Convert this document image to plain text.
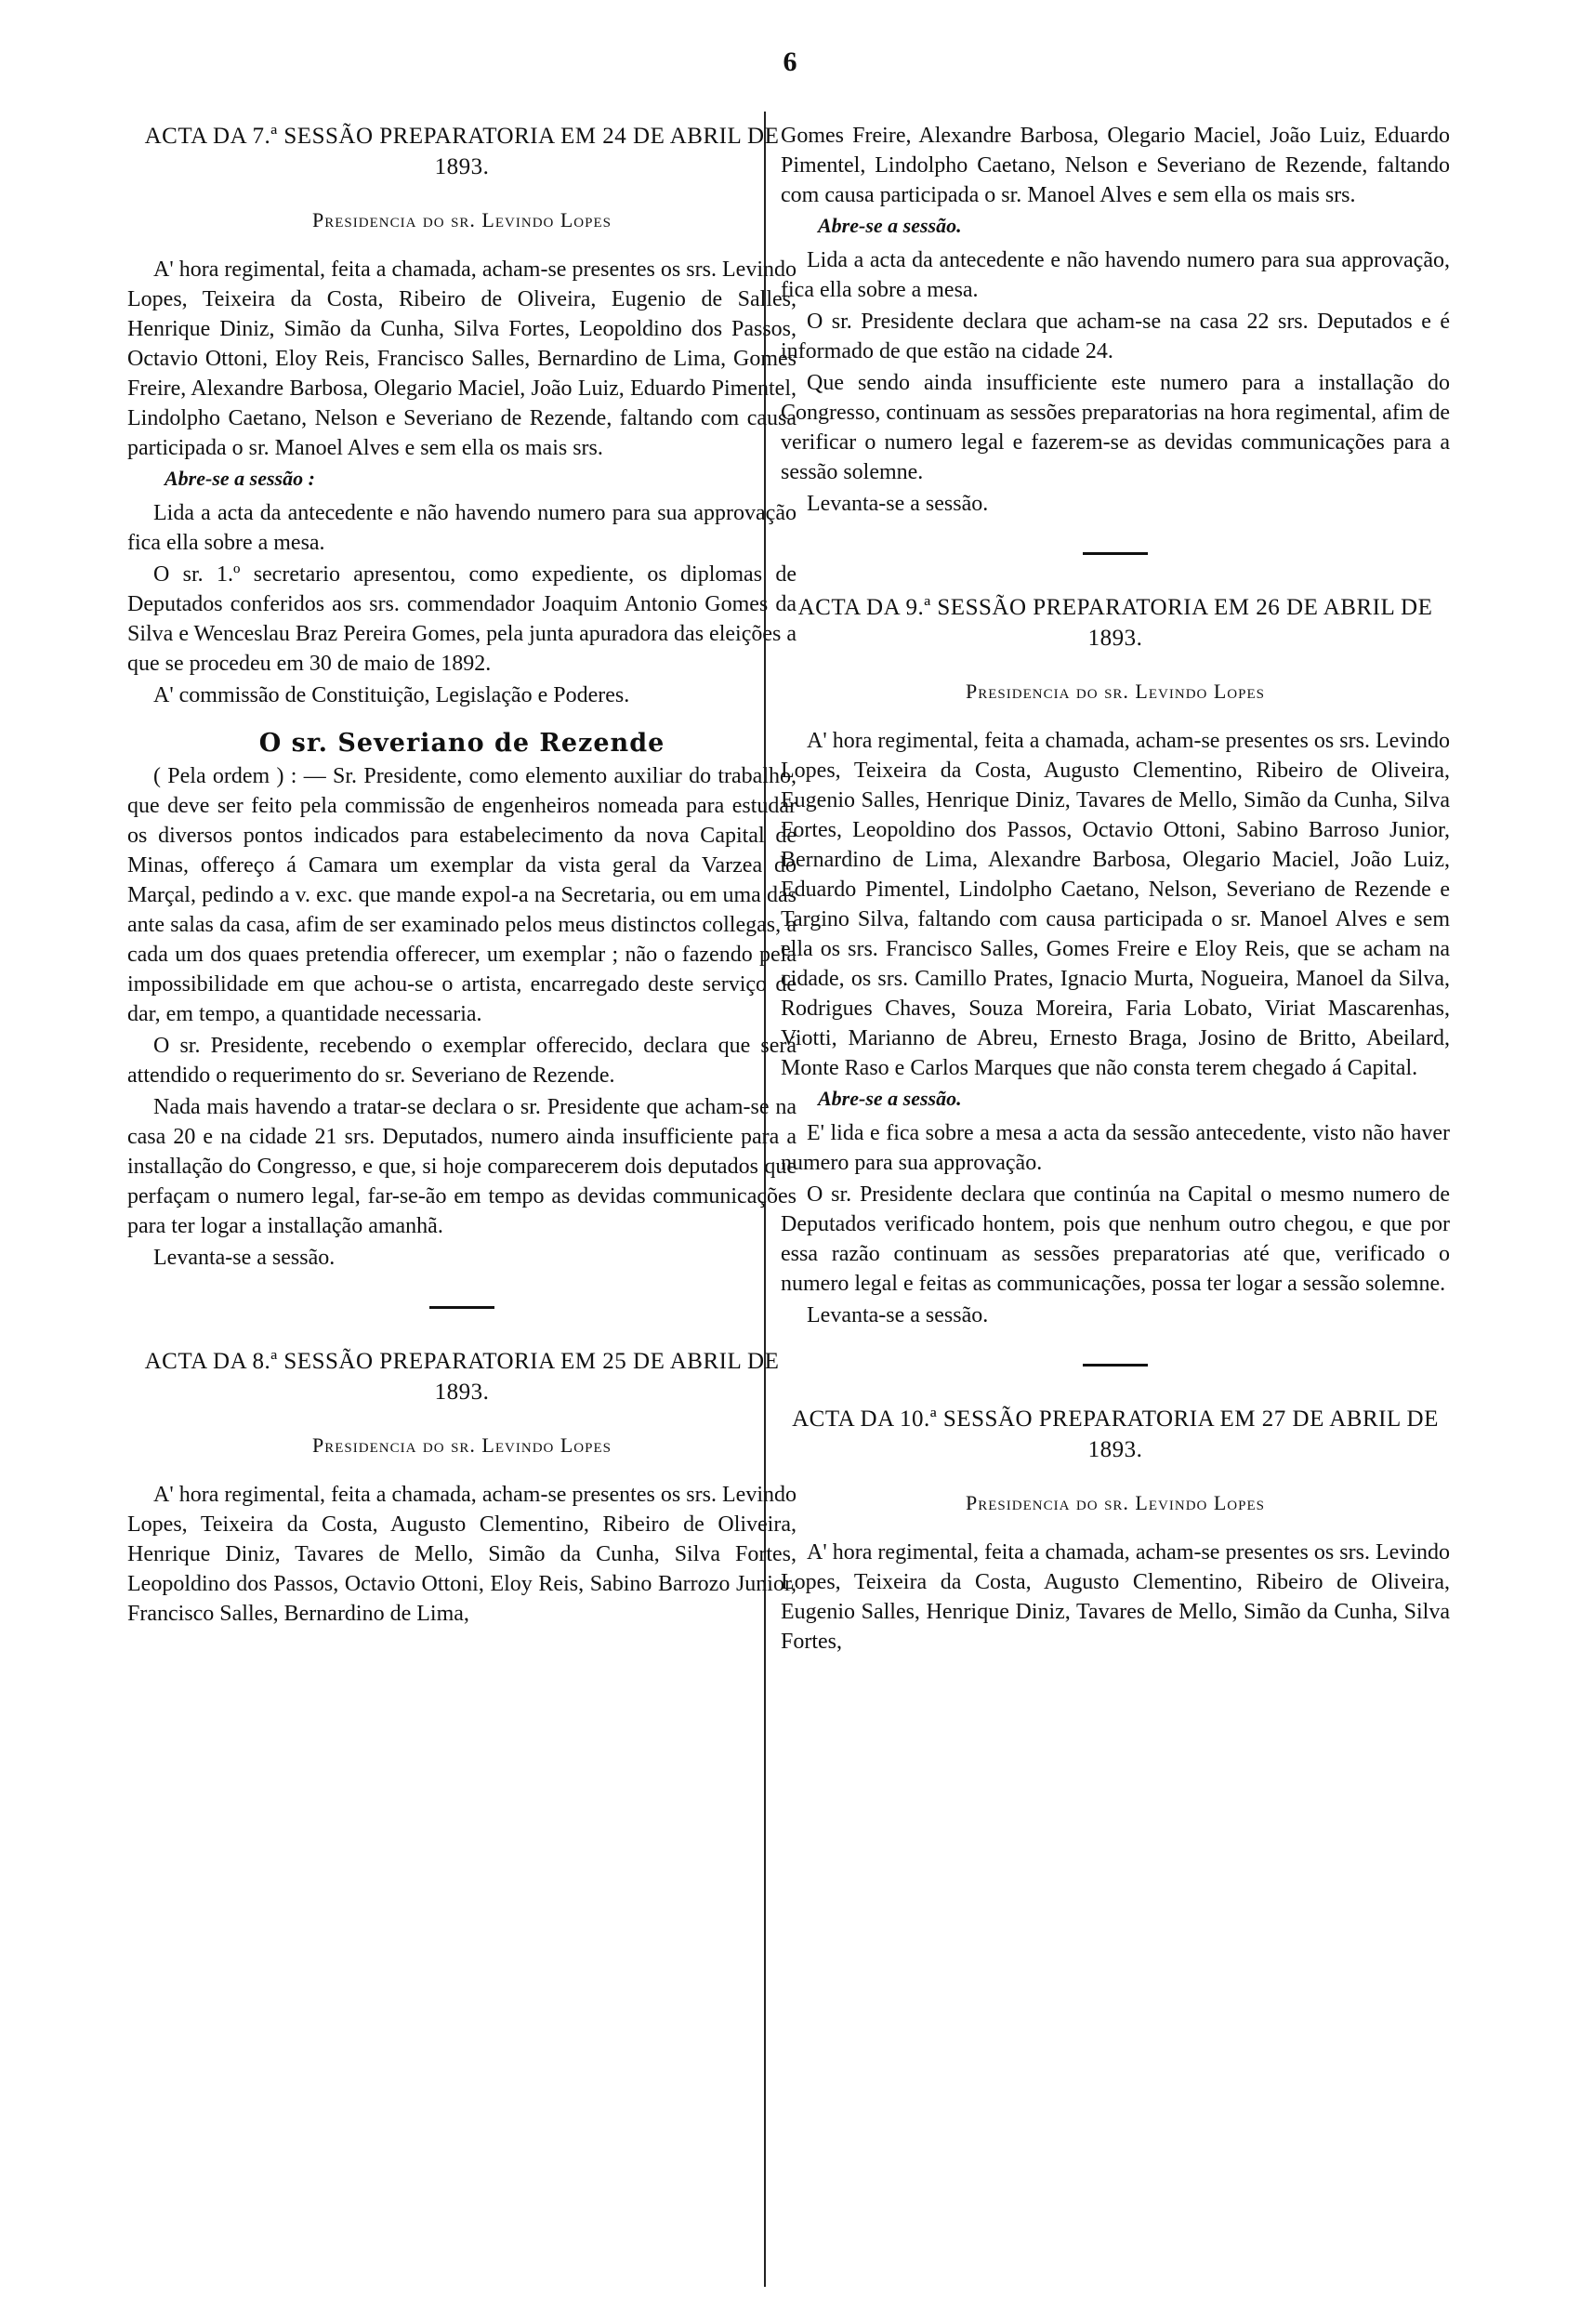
6
ACTA DA 7.ª SESSÃO PREPARATORIA EM 24 DE ABRIL DE 1893.
Presidencia do sr. Levindo Lopes

A' hora regimental, feita a chamada, acham-se presentes os srs. Levindo Lopes, Teixeira da Costa, Ribeiro de Oliveira, Eugenio de Salles, Henrique Diniz, Simão da Cunha, Silva Fortes, Leopoldino dos Passos, Octavio Ottoni, Eloy Reis, Francisco Salles, Bernardino de Lima, Gomes Freire, Alexandre Barbosa, Olegario Maciel, João Luiz, Eduardo Pimentel, Lindolpho Caetano, Nelson e Severiano de Rezende, faltando com causa participada o sr. Manoel Alves e sem ella os mais srs.

Abre-se a sessão :

Lida a acta da antecedente e não havendo numero para sua approvação fica ella sobre a mesa.

O sr. 1.º secretario apresentou, como expediente, os diplomas de Deputados conferidos aos srs. commendador Joaquim Antonio Gomes da Silva e Wenceslau Braz Pereira Gomes, pela junta apuradora das eleições a que se procedeu em 30 de maio de 1892.

A' commissão de Constituição, Legislação e Poderes.

O sr. Severiano de Rezende

( Pela ordem ) : — Sr. Presidente, como elemento auxiliar do trabalho, que deve ser feito pela commissão de engenheiros nomeada para estudar os diversos pontos indicados para estabelecimento da nova Capital de Minas, offereço á Camara um exemplar da vista geral da Varzea do Marçal, pedindo a v. exc. que mande expol-a na Secretaria, ou em uma das ante salas da casa, afim de ser examinado pelos meus distinctos collegas, a cada um dos quaes pretendia offerecer, um exemplar ; não o fazendo pela impossibilidade em que achou-se o artista, encarregado deste serviço de dar, em tempo, a quantidade necessaria.

O sr. Presidente, recebendo o exemplar offerecido, declara que será attendido o requerimento do sr. Severiano de Rezende.

Nada mais havendo a tratar-se declara o sr. Presidente que acham-se na casa 20 e na cidade 21 srs. Deputados, numero ainda insufficiente para a installação do Congresso, e que, si hoje comparecerem dois deputados que perfaçam o numero legal, far-se-ão em tempo as devidas communicações para ter logar a installação amanhã.

Levanta-se a sessão.

ACTA DA 8.ª SESSÃO PREPARATORIA EM 25 DE ABRIL DE 1893.
Presidencia do sr. Levindo Lopes

A' hora regimental, feita a chamada, acham-se presentes os srs. Levindo Lopes, Teixeira da Costa, Augusto Clementino, Ribeiro de Oliveira, Henrique Diniz, Tavares de Mello, Simão da Cunha, Silva Fortes, Leopoldino dos Passos, Octavio Ottoni, Eloy Reis, Sabino Barrozo Junior, Francisco Salles, Bernardino de Lima,

Gomes Freire, Alexandre Barbosa, Olegario Maciel, João Luiz, Eduardo Pimentel, Lindolpho Caetano, Nelson e Severiano de Rezende, faltando com causa participada o sr. Manoel Alves e sem ella os mais srs.

Abre-se a sessão.

Lida a acta da antecedente e não havendo numero para sua approvação, fica ella sobre a mesa.

O sr. Presidente declara que acham-se na casa 22 srs. Deputados e é informado de que estão na cidade 24.

Que sendo ainda insufficiente este numero para a installação do Congresso, continuam as sessões preparatorias na hora regimental, afim de verificar o numero legal e fazerem-se as devidas communicações para a sessão solemne.

Levanta-se a sessão.

ACTA DA 9.ª SESSÃO PREPARATORIA EM 26 DE ABRIL DE 1893.
Presidencia do sr. Levindo Lopes

A' hora regimental, feita a chamada, acham-se presentes os srs. Levindo Lopes, Teixeira da Costa, Augusto Clementino, Ribeiro de Oliveira, Eugenio Salles, Henrique Diniz, Tavares de Mello, Simão da Cunha, Silva Fortes, Leopoldino dos Passos, Octavio Ottoni, Sabino Barroso Junior, Bernardino de Lima, Alexandre Barbosa, Olegario Maciel, João Luiz, Eduardo Pimentel, Lindolpho Caetano, Nelson, Severiano de Rezende e Targino Silva, faltando com causa participada o sr. Manoel Alves e sem ella os srs. Francisco Salles, Gomes Freire e Eloy Reis, que se acham na cidade, os srs. Camillo Prates, Ignacio Murta, Nogueira, Manoel da Silva, Rodrigues Chaves, Souza Moreira, Faria Lobato, Viriat Mascarenhas, Viotti, Marianno de Abreu, Ernesto Braga, Josino de Britto, Abeilard, Monte Raso e Carlos Marques que não consta terem chegado á Capital.

Abre-se a sessão.

E' lida e fica sobre a mesa a acta da sessão antecedente, visto não haver numero para sua approvação.

O sr. Presidente declara que continúa na Capital o mesmo numero de Deputados verificado hontem, pois que nenhum outro chegou, e que por essa razão continuam as sessões preparatorias até que, verificado o numero legal e feitas as communicações, possa ter logar a sessão solemne.

Levanta-se a sessão.

ACTA DA 10.ª SESSÃO PREPARATORIA EM 27 DE ABRIL DE 1893.
Presidencia do sr. Levindo Lopes

A' hora regimental, feita a chamada, acham-se presentes os srs. Levindo Lopes, Teixeira da Costa, Augusto Clementino, Ribeiro de Oliveira, Eugenio Salles, Henrique Diniz, Tavares de Mello, Simão da Cunha, Silva Fortes,
